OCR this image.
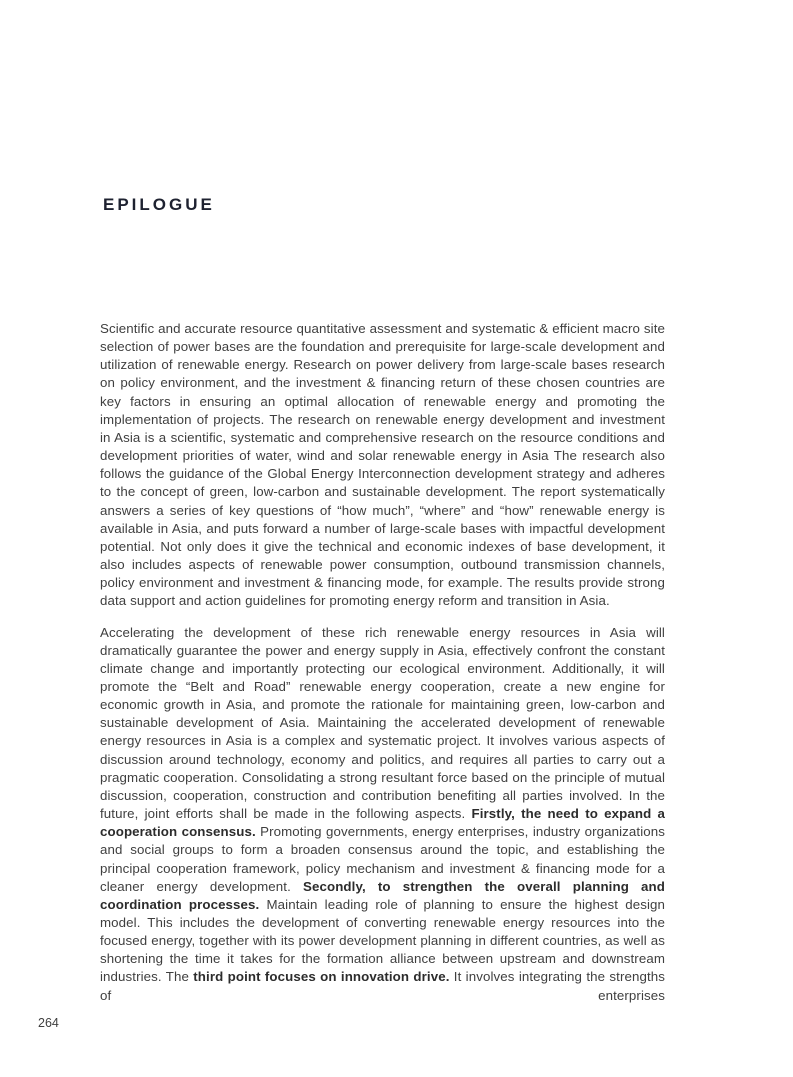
EPILOGUE

Scientific and accurate resource quantitative assessment and systematic & efficient macro site selection of power bases are the foundation and prerequisite for large-scale development and utilization of renewable energy. Research on power delivery from large-scale bases research on policy environment, and the investment & financing return of these chosen countries are key factors in ensuring an optimal allocation of renewable energy and promoting the implementation of projects. The research on renewable energy development and investment in Asia is a scientific, systematic and comprehensive research on the resource conditions and development priorities of water, wind and solar renewable energy in Asia The research also follows the guidance of the Global Energy Interconnection development strategy and adheres to the concept of green, low-carbon and sustainable development. The report systematically answers a series of key questions of “how much”, “where” and “how” renewable energy is available in Asia, and puts forward a number of large-scale bases with impactful development potential. Not only does it give the technical and economic indexes of base development, it also includes aspects of renewable power consumption, outbound transmission channels, policy environment and investment & financing mode, for example. The results provide strong data support and action guidelines for promoting energy reform and transition in Asia.

Accelerating the development of these rich renewable energy resources in Asia will dramatically guarantee the power and energy supply in Asia, effectively confront the constant climate change and importantly protecting our ecological environment. Additionally, it will promote the “Belt and Road” renewable energy cooperation, create a new engine for economic growth in Asia, and promote the rationale for maintaining green, low-carbon and sustainable development of Asia. Maintaining the accelerated development of renewable energy resources in Asia is a complex and systematic project. It involves various aspects of discussion around technology, economy and politics, and requires all parties to carry out a pragmatic cooperation. Consolidating a strong resultant force based on the principle of mutual discussion, cooperation, construction and contribution benefiting all parties involved. In the future, joint efforts shall be made in the following aspects. Firstly, the need to expand a cooperation consensus. Promoting governments, energy enterprises, industry organizations and social groups to form a broaden consensus around the topic, and establishing the principal cooperation framework, policy mechanism and investment & financing mode for a cleaner energy development. Secondly, to strengthen the overall planning and coordination processes. Maintain leading role of planning to ensure the highest design model. This includes the development of converting renewable energy resources into the focused energy, together with its power development planning in different countries, as well as shortening the time it takes for the formation alliance between upstream and downstream industries. The third point focuses on innovation drive. It involves integrating the strengths of enterprises

264
